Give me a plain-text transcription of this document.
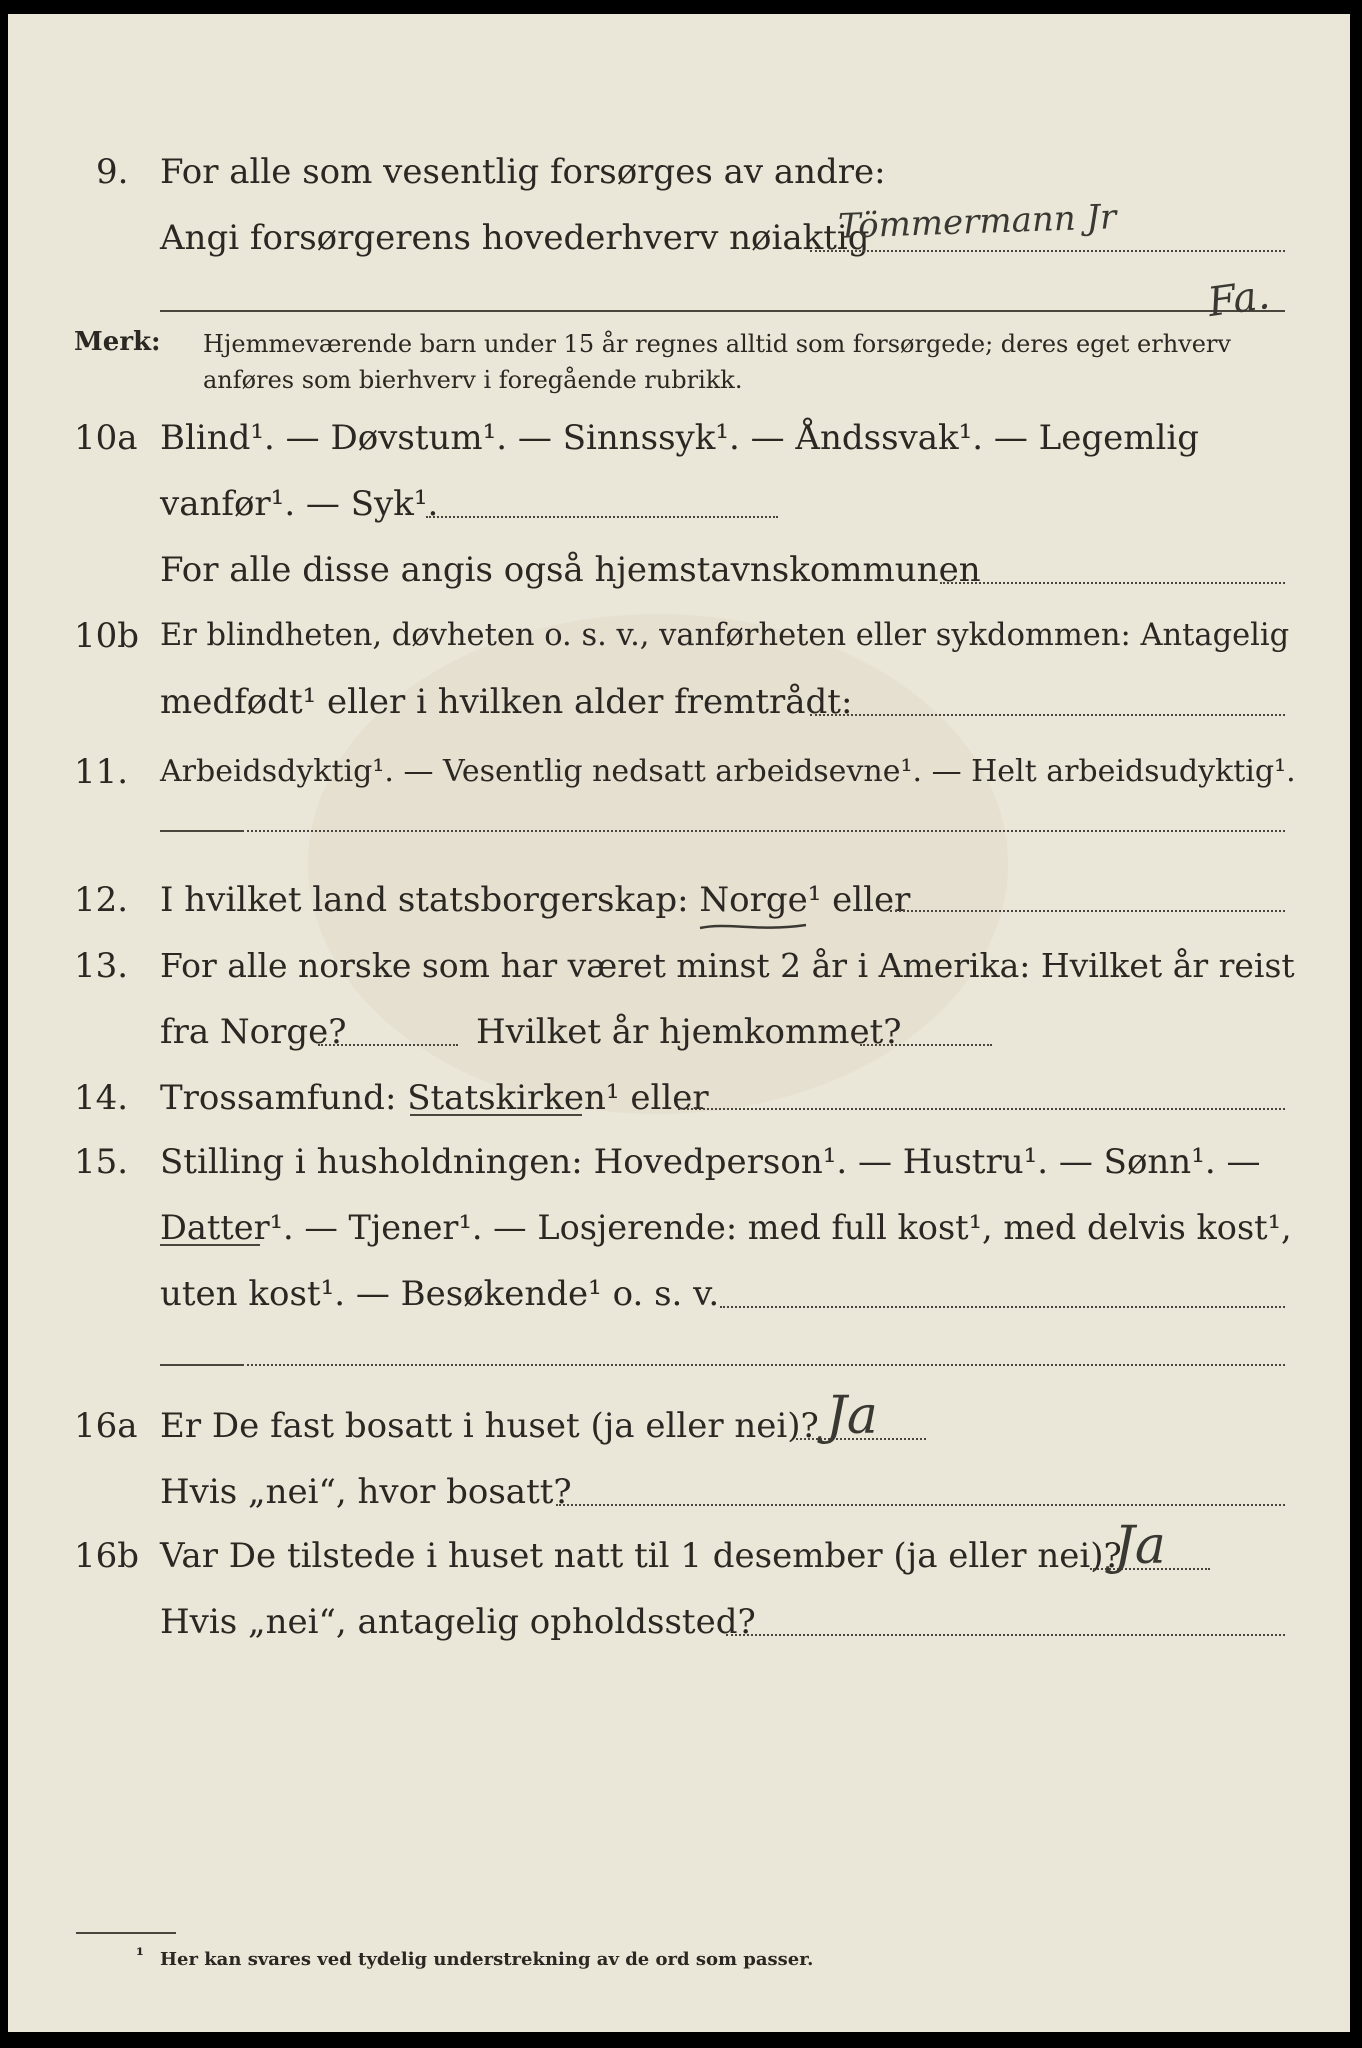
9. For alle som vesentlig forsørges av andre:
Angi forsørgerens hovederhverv nøiaktig
Tömmermann Jr
Fa.
Merk: Hjemmeværende barn under 15 år regnes alltid som forsørgede; deres eget erhverv
anføres som bierhverv i foregående rubrikk.
10a Blind¹. — Døvstum¹. — Sinnssyk¹. — Åndssvak¹. — Legemlig
vanfør¹. — Syk¹.
For alle disse angis også hjemstavnskommunen
10b Er blindheten, døvheten o. s. v., vanførheten eller sykdommen: Antagelig
medfødt¹ eller i hvilken alder fremtrådt:
11. Arbeidsdyktig¹. — Vesentlig nedsatt arbeidsevne¹. — Helt arbeidsudyktig¹.
12. I hvilket land statsborgerskap: Norge¹ eller
13. For alle norske som har været minst 2 år i Amerika: Hvilket år reist
fra Norge?	Hvilket år hjemkommet?
14. Trossamfund: Statskirken¹ eller
15. Stilling i husholdningen: Hovedperson¹. — Hustru¹. — Sønn¹. —
Datter¹. — Tjener¹. — Losjerende: med full kost¹, med delvis kost¹,
uten kost¹. — Besøkende¹ o. s. v.
16a Er De fast bosatt i huset (ja eller nei)? Ja
Hvis „nei“, hvor bosatt?
16b Var De tilstede i huset natt til 1 desember (ja eller nei)?
Ja
Hvis „nei“, antagelig opholdssted?
¹ Her kan svares ved tydelig understrekning av de ord som passer.
